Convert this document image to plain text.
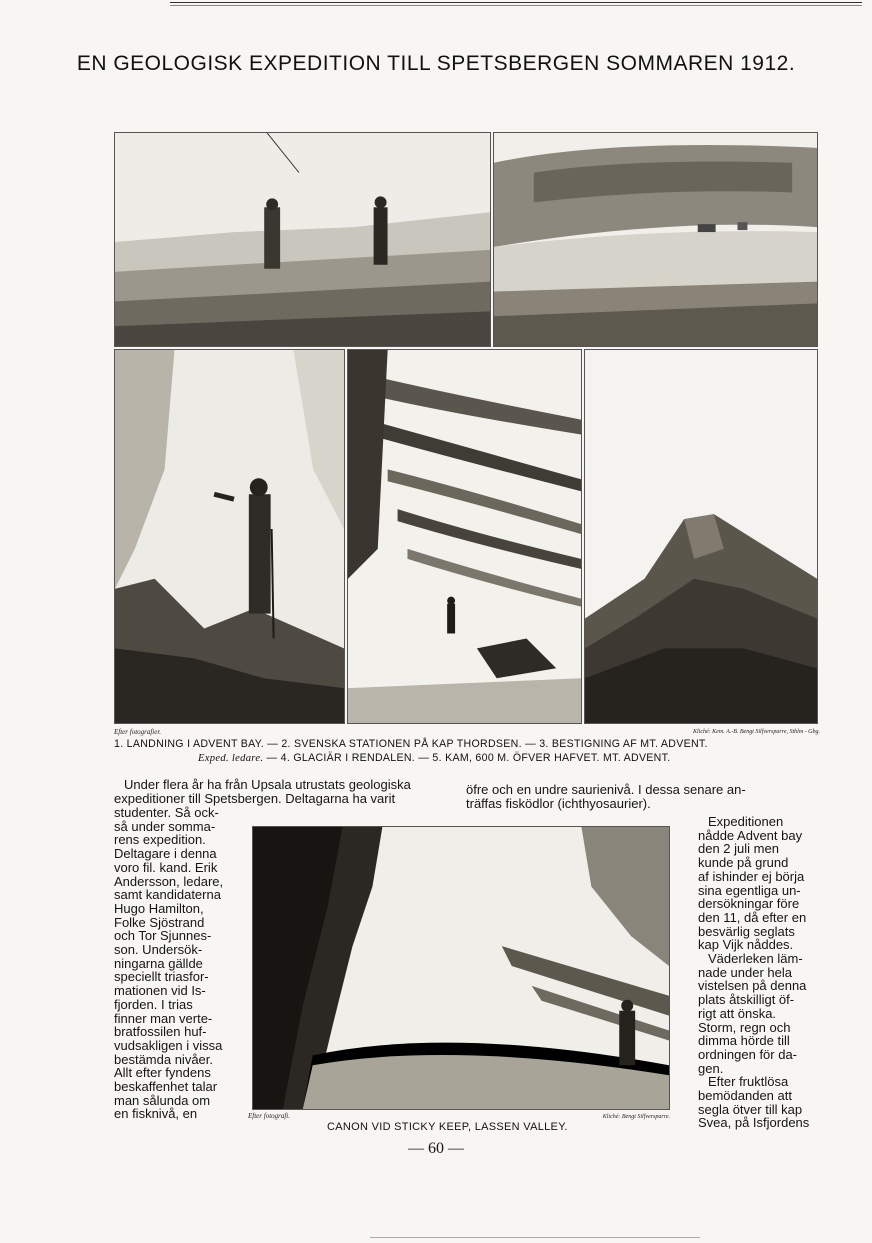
EN GEOLOGISK EXPEDITION TILL SPETSBERGEN SOMMAREN 1912.
Efter fotografier.	Kliché: Kem. A.-B. Bengt Silfversparre, Sthlm - Gbg.
1. LANDNING I ADVENT BAY. — 2. SVENSKA STATIONEN PÅ KAP THORDSEN. — 3. BESTIGNING AF MT. ADVENT.
Exped. ledare. — 4. GLACIÄR I RENDALEN. — 5. KAM, 600 M. ÖFVER HAFVET. MT. ADVENT.

Under flera år ha från Upsala utrustats geologiska

expeditioner till Spetsbergen. Deltagarna ha varit

öfre och en undre saurienivå. I dessa senare an-

träffas fisködlor (ichthyosaurier).

studenter. Så ock-

så under somma-

rens expedition.

Deltagare i denna

voro fil. kand. Erik

Andersson, ledare,

samt kandidaterna

Hugo Hamilton,

Folke Sjöstrand

och Tor Sjunnes-

son. Undersök-

ningarna gällde

speciellt triasfor-

mationen vid Is-

fjorden. I trias

finner man verte-

bratfossilen huf-

vudsakligen i vissa

bestämda nivåer.

Allt efter fyndens

beskaffenhet talar

man sålunda om

en fisknivå, en	Efter fotografi.	Kliché: Bengt Silfversparre.
CANON VID STICKY KEEP, LASSEN VALLEY.

Expeditionen

nådde Advent bay

den 2 juli men

kunde på grund

af ishinder ej börja

sina egentliga un-

dersökningar före

den 11, då efter en

besvärlig seglats

kap Vijk nåddes.

Väderleken läm-

nade under hela

vistelsen på denna

plats åtskilligt öf-

rigt att önska.

Storm, regn och

dimma hörde till

ordningen för da-

gen.

Efter fruktlösa

bemödanden att

segla ötver till kap

Svea, på Isfjordens

— 60 —
